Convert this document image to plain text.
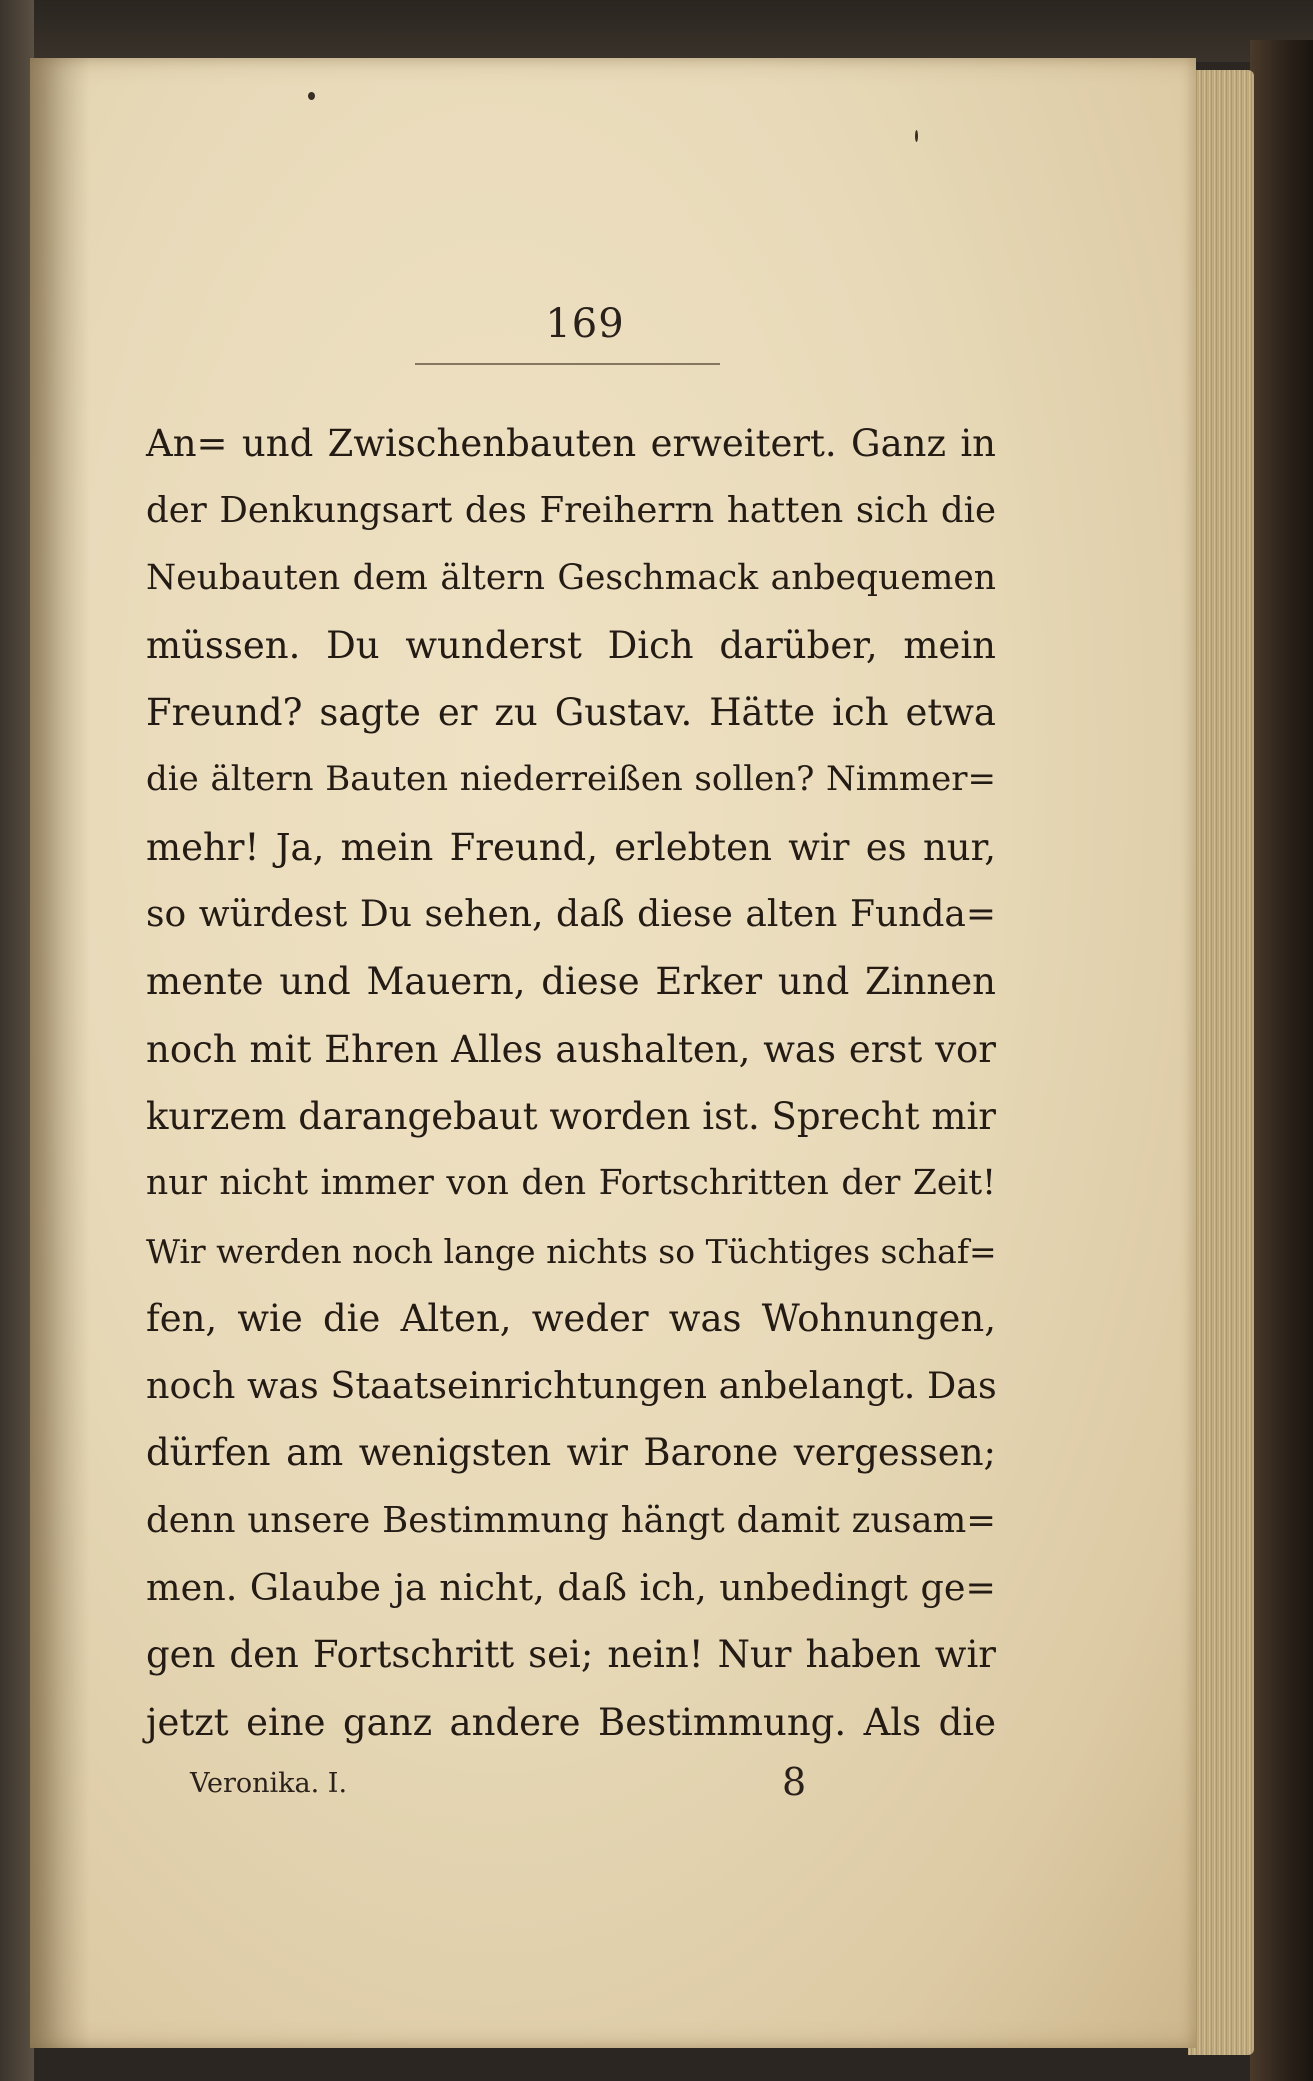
169
An= und Zwischenbauten erweitert. Ganz in
der Denkungsart des Freiherrn hatten sich die
Neubauten dem ältern Geschmack anbequemen
müssen. Du wunderst Dich darüber, mein
Freund? sagte er zu Gustav. Hätte ich etwa
die ältern Bauten niederreißen sollen? Nimmer=
mehr! Ja, mein Freund, erlebten wir es nur,
so würdest Du sehen, daß diese alten Funda=
mente und Mauern, diese Erker und Zinnen
noch mit Ehren Alles aushalten, was erst vor
kurzem darangebaut worden ist. Sprecht mir
nur nicht immer von den Fortschritten der Zeit!
Wir werden noch lange nichts so Tüchtiges schaf=
fen, wie die Alten, weder was Wohnungen,
noch was Staatseinrichtungen anbelangt. Das
dürfen am wenigsten wir Barone vergessen;
denn unsere Bestimmung hängt damit zusam=
men. Glaube ja nicht, daß ich, unbedingt ge=
gen den Fortschritt sei; nein! Nur haben wir
jetzt eine ganz andere Bestimmung. Als die
Veronika. I.	8
